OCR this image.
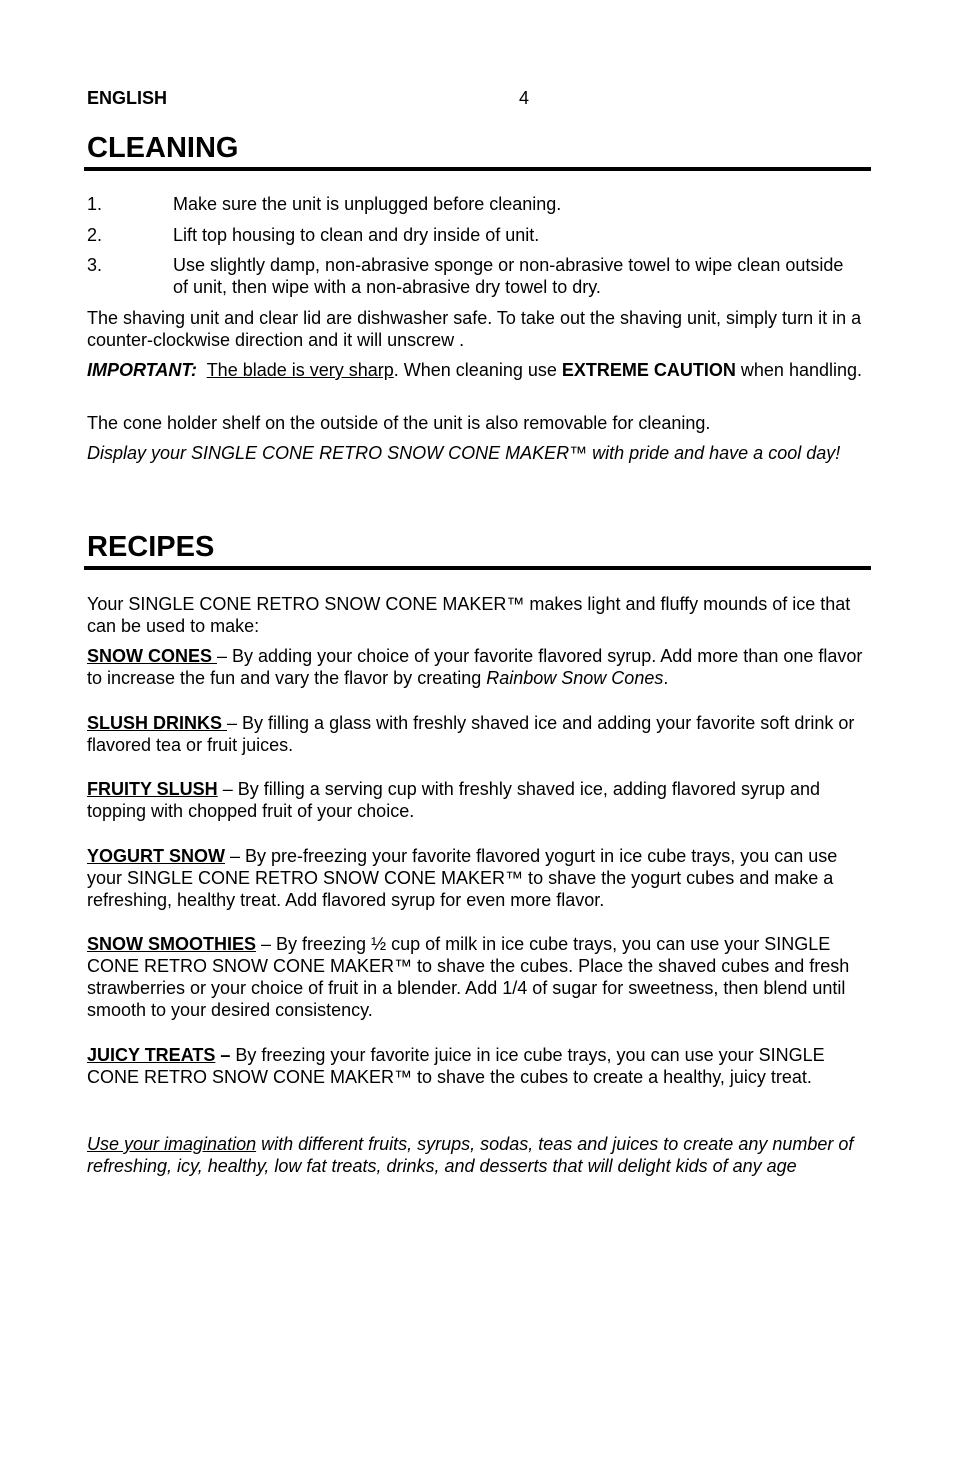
ENGLISH	4
CLEANING
1.	Make sure the unit is unplugged before cleaning.
2.	Lift top housing to clean and dry inside of unit.
3.	Use slightly damp, non-abrasive sponge or non-abrasive towel to wipe clean outside of unit, then wipe with a non-abrasive dry towel to dry.
The shaving unit and clear lid are dishwasher safe. To take out the shaving unit, simply turn it in a counter-clockwise direction and it will unscrew .
IMPORTANT: The blade is very sharp. When cleaning use EXTREME CAUTION when handling.
The cone holder shelf on the outside of the unit is also removable for cleaning.
Display your SINGLE CONE RETRO SNOW CONE MAKER™ with pride and have a cool day!
RECIPES
Your SINGLE CONE RETRO SNOW CONE MAKER™ makes light and fluffy mounds of ice that can be used to make:
SNOW CONES – By adding your choice of your favorite flavored syrup. Add more than one flavor to increase the fun and vary the flavor by creating Rainbow Snow Cones.
SLUSH DRINKS – By filling a glass with freshly shaved ice and adding your favorite soft drink or flavored tea or fruit juices.
FRUITY SLUSH – By filling a serving cup with freshly shaved ice, adding flavored syrup and topping with chopped fruit of your choice.
YOGURT SNOW – By pre-freezing your favorite flavored yogurt in ice cube trays, you can use your SINGLE CONE RETRO SNOW CONE MAKER™ to shave the yogurt cubes and make a refreshing, healthy treat. Add flavored syrup for even more flavor.
SNOW SMOOTHIES – By freezing ½ cup of milk in ice cube trays, you can use your SINGLE CONE RETRO SNOW CONE MAKER™ to shave the cubes. Place the shaved cubes and fresh strawberries or your choice of fruit in a blender. Add 1/4 of sugar for sweetness, then blend until smooth to your desired consistency.
JUICY TREATS – By freezing your favorite juice in ice cube trays, you can use your SINGLE CONE RETRO SNOW CONE MAKER™ to shave the cubes to create a healthy, juicy treat.
Use your imagination with different fruits, syrups, sodas, teas and juices to create any number of refreshing, icy, healthy, low fat treats, drinks, and desserts that will delight kids of any age
